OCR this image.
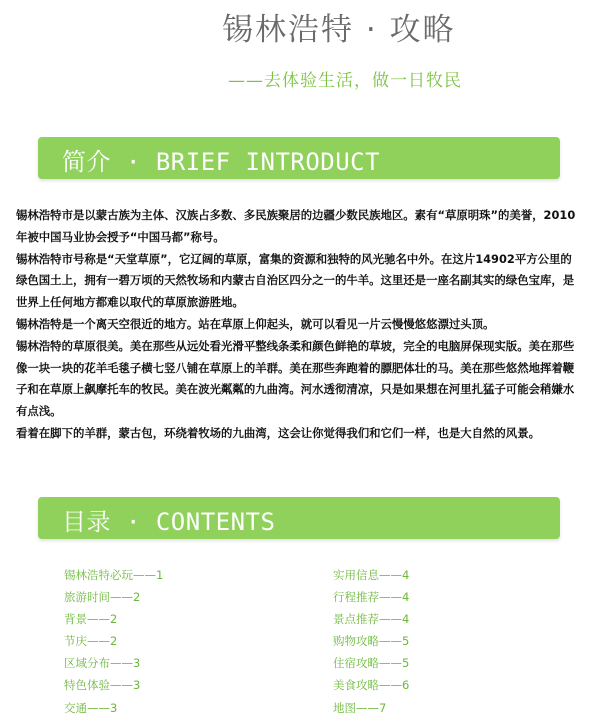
锡林浩特 · 攻略
——去体验生活，做一日牧民
简介 · BRIEF INTRODUCT

锡林浩特市是以蒙古族为主体、汉族占多数、多民族聚居的边疆少数民族地区。素有“草原明珠”的美誉，2010年被中国马业协会授予“中国马都”称号。

锡林浩特市号称是“天堂草原”，它辽阔的草原，富集的资源和独特的风光驰名中外。在这片14902平方公里的绿色国土上，拥有一碧万顷的天然牧场和内蒙古自治区四分之一的牛羊。这里还是一座名副其实的绿色宝库，是世界上任何地方都难以取代的草原旅游胜地。

锡林浩特是一个离天空很近的地方。站在草原上仰起头，就可以看见一片云慢慢悠悠漂过头顶。

锡林浩特的草原很美。美在那些从远处看光滑平整线条柔和颜色鲜艳的草坡，完全的电脑屏保现实版。美在那些像一块一块的花羊毛毯子横七竖八铺在草原上的羊群。美在那些奔跑着的膘肥体壮的马。美在那些悠然地挥着鞭子和在草原上飙摩托车的牧民。美在波光粼粼的九曲湾。河水透彻清凉，只是如果想在河里扎猛子可能会稍嫌水有点浅。

看着在脚下的羊群，蒙古包，环绕着牧场的九曲湾，这会让你觉得我们和它们一样，也是大自然的风景。

目录 · CONTENTS
锡林浩特必玩——1
旅游时间——2
背景——2
节庆——2
区域分布——3
特色体验——3
交通——3
实用信息——4
行程推荐——4
景点推荐——4
购物攻略——5
住宿攻略——5
美食攻略——6
地图——7
